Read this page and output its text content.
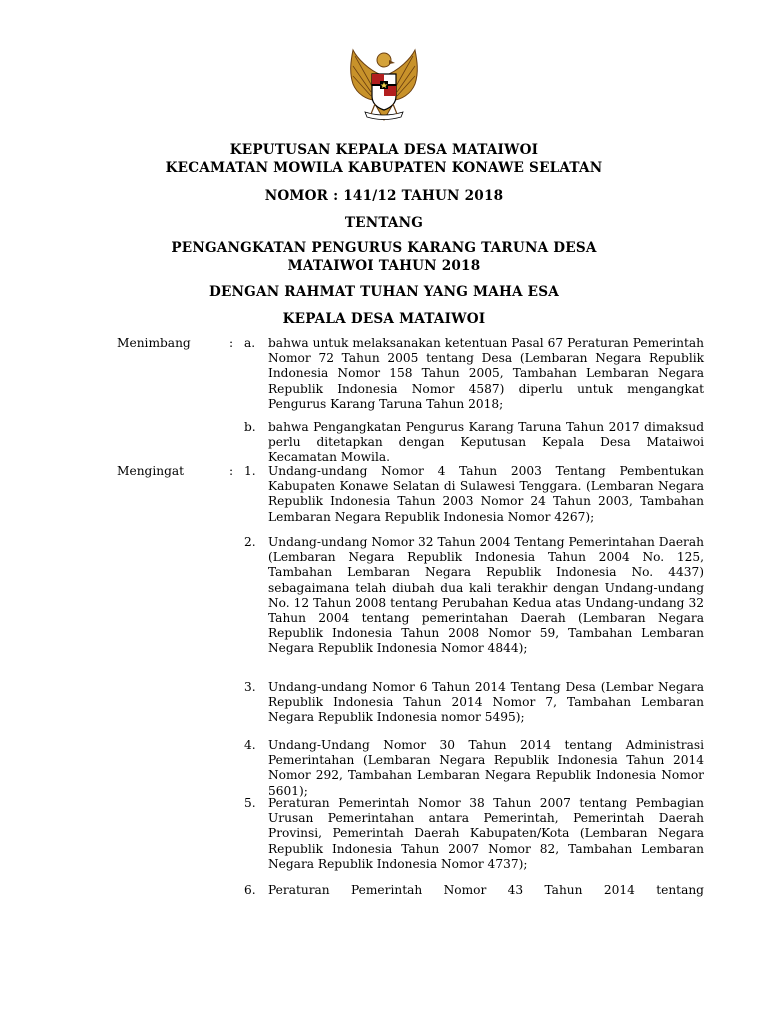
KEPUTUSAN KEPALA DESA MATAIWOI
KECAMATAN MOWILA KABUPATEN KONAWE SELATAN
NOMOR : 141/12 TAHUN 2018
TENTANG
PENGANGKATAN PENGURUS KARANG TARUNA DESA
MATAIWOI TAHUN 2018
DENGAN RAHMAT TUHAN YANG MAHA ESA
KEPALA DESA MATAIWOI
Menimbang	: a.	bahwa untuk melaksanakan ketentuan Pasal 67 Peraturan Pemerintah Nomor 72 Tahun 2005 tentang Desa (Lembaran Negara Republik Indonesia Nomor 158 Tahun 2005, Tambahan Lembaran Negara Republik Indonesia Nomor 4587) diperlu untuk mengangkat Pengurus Karang Taruna Tahun 2018;
b.	bahwa Pengangkatan Pengurus Karang Taruna Tahun 2017 dimaksud perlu ditetapkan dengan Keputusan Kepala Desa Mataiwoi Kecamatan Mowila.
Mengingat	: 1.	Undang-undang Nomor 4 Tahun 2003 Tentang Pembentukan Kabupaten Konawe Selatan di Sulawesi Tenggara. (Lembaran Negara Republik Indonesia Tahun 2003 Nomor 24 Tahun 2003, Tambahan Lembaran Negara Republik Indonesia Nomor 4267);
2.	Undang-undang Nomor 32 Tahun 2004 Tentang Pemerintahan Daerah (Lembaran Negara Republik Indonesia Tahun 2004 No. 125, Tambahan Lembaran Negara Republik Indonesia No. 4437) sebagaimana telah diubah dua kali terakhir dengan Undang-undang No. 12 Tahun 2008 tentang Perubahan Kedua atas Undang-undang 32 Tahun 2004 tentang pemerintahan Daerah (Lembaran Negara Republik Indonesia Tahun 2008 Nomor 59, Tambahan Lembaran Negara Republik Indonesia Nomor 4844);
3.	Undang-undang Nomor 6 Tahun 2014 Tentang Desa (Lembar Negara Republik Indonesia Tahun 2014 Nomor 7, Tambahan Lembaran Negara Republik Indonesia nomor 5495);
4.	Undang-Undang Nomor 30 Tahun 2014 tentang Administrasi Pemerintahan (Lembaran Negara Republik Indonesia Tahun 2014 Nomor 292, Tambahan Lembaran Negara Republik Indonesia Nomor 5601);
5.	Peraturan Pemerintah Nomor 38 Tahun 2007 tentang Pembagian Urusan Pemerintahan antara Pemerintah, Pemerintah Daerah Provinsi, Pemerintah Daerah Kabupaten/Kota (Lembaran Negara Republik Indonesia Tahun 2007 Nomor 82, Tambahan Lembaran Negara Republik Indonesia Nomor 4737);
6.	Peraturan Pemerintah Nomor 43 Tahun 2014 tentang
